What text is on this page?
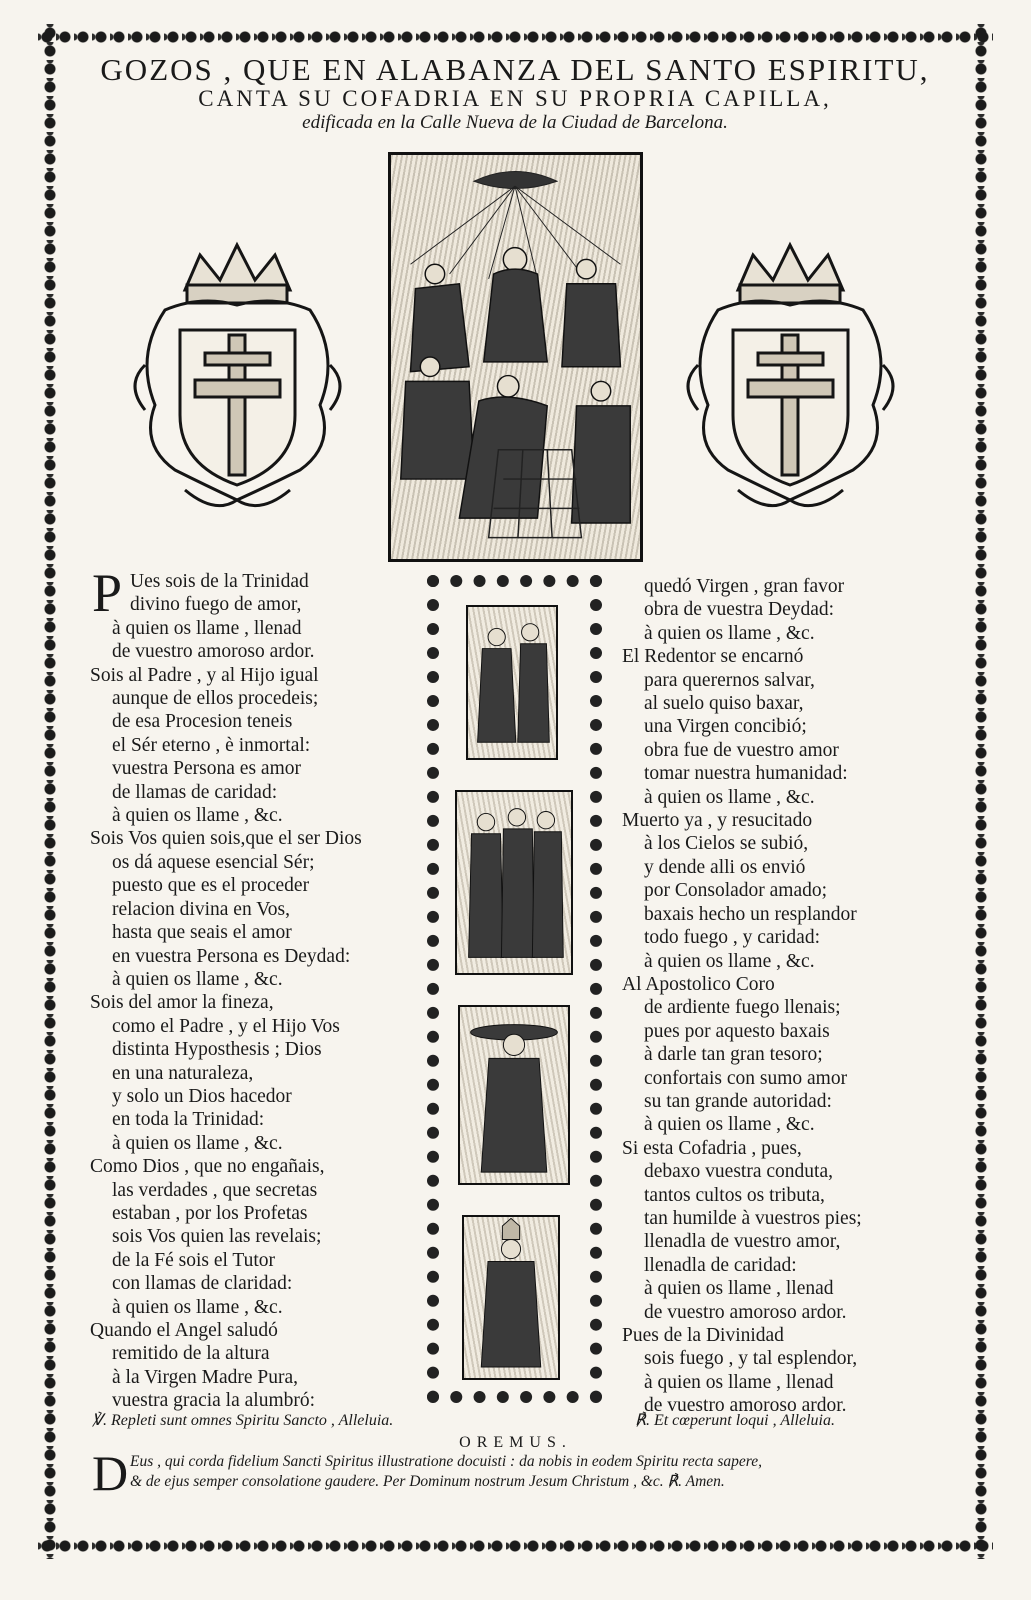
GOZOS , QUE EN ALABANZA DEL SANTO ESPIRITU,
CANTA SU COFADRIA EN SU PROPRIA CAPILLA,
edificada en la Calle Nueva de la Ciudad de Barcelona.
P Ues sois de la Trinidad
divino fuego de amor,
à quien os llame , llenad
de vuestro amoroso ardor.
Sois al Padre , y al Hijo igual
aunque de ellos procedeis;
de esa Procesion teneis
el Sér eterno , è inmortal:
vuestra Persona es amor
de llamas de caridad:
à quien os llame , &c.
Sois Vos quien sois,que el ser Dios
os dá aquese esencial Sér;
puesto que es el proceder
relacion divina en Vos,
hasta que seais el amor
en vuestra Persona es Deydad:
à quien os llame , &c.
Sois del amor la fineza,
como el Padre , y el Hijo Vos
distinta Hyposthesis ; Dios
en una naturaleza,
y solo un Dios hacedor
en toda la Trinidad:
à quien os llame , &c.
Como Dios , que no engañais,
las verdades , que secretas
estaban , por los Profetas
sois Vos quien las revelais;
de la Fé sois el Tutor
con llamas de claridad:
à quien os llame , &c.
Quando el Angel saludó
remitido de la altura
à la Virgen Madre Pura,
vuestra gracia la alumbró:
quedó Virgen , gran favor
obra de vuestra Deydad:
à quien os llame , &c.
El Redentor se encarnó
para querernos salvar,
al suelo quiso baxar,
una Virgen concibió;
obra fue de vuestro amor
tomar nuestra humanidad:
à quien os llame , &c.
Muerto ya , y resucitado
à los Cielos se subió,
y dende alli os envió
por Consolador amado;
baxais hecho un resplandor
todo fuego , y caridad:
à quien os llame , &c.
Al Apostolico Coro
de ardiente fuego llenais;
pues por aquesto baxais
à darle tan gran tesoro;
confortais con sumo amor
su tan grande autoridad:
à quien os llame , &c.
Si esta Cofadria , pues,
debaxo vuestra conduta,
tantos cultos os tributa,
tan humilde à vuestros pies;
llenadla de vuestro amor,
llenadla de caridad:
à quien os llame , llenad
de vuestro amoroso ardor.
Pues de la Divinidad
sois fuego , y tal esplendor,
à quien os llame , llenad
de vuestro amoroso ardor.
℣. Repleti sunt omnes Spiritu Sancto , Alleluia.	℟. Et cœperunt loqui , Alleluia.
OREMUS.
D Eus , qui corda fidelium Sancti Spiritus illustratione docuisti : da nobis in eodem Spiritu recta sapere,
& de ejus semper consolatione gaudere. Per Dominum nostrum Jesum Christum , &c. ℟. Amen.
